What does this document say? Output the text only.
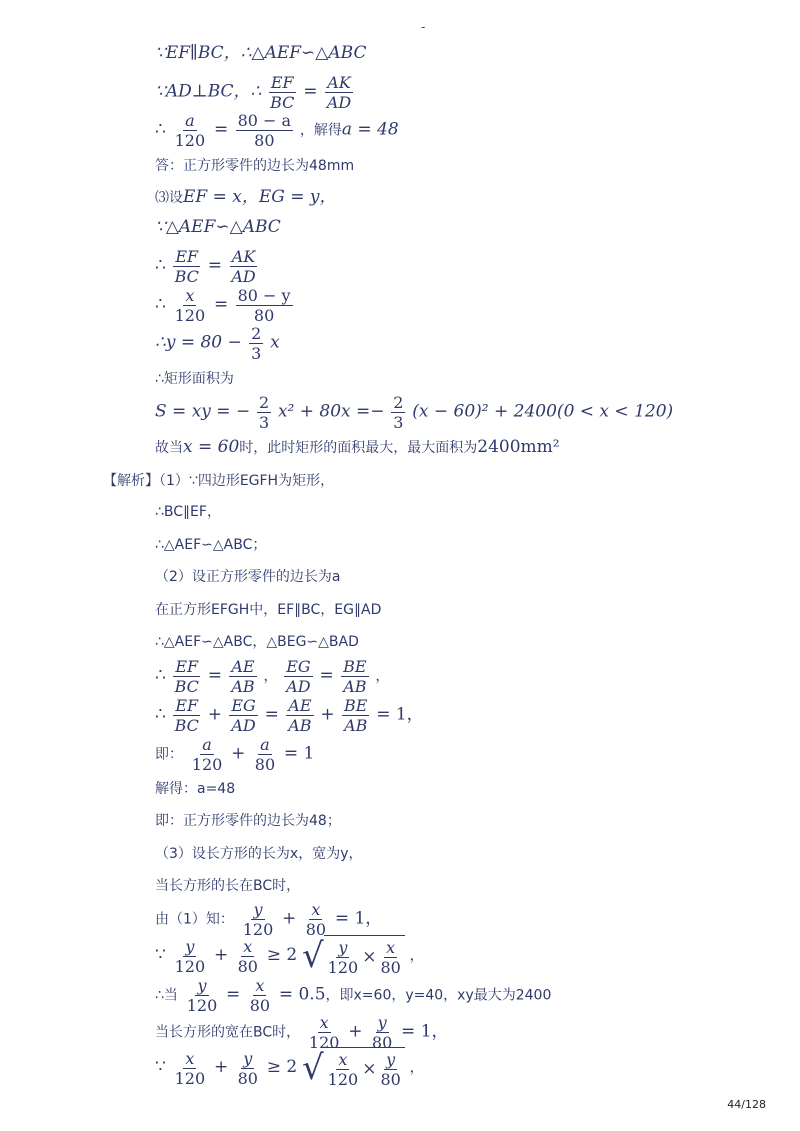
-
∵EF∥BC，∴△AEF∽△ABC
∵AD⊥BC，∴ $\frac{EF}{BC} = \frac{AK}{AD}$
∴ $\frac{a}{120} = \frac{80 - a}{80}$ ，解得a = 48
答：正方形零件的边长为48mm
⑶设EF = x，EG = y，
∵△AEF∽△ABC
∴ $\frac{EF}{BC} = \frac{AK}{AD}$
∴ $\frac{x}{120} = \frac{80 - y}{80}$
∴y = $80 - \frac{2}{3}$ x
∴矩形面积为
S = xy = − $\frac{2}{3} x^2 + 80x =- \frac{2}{3} (x - 60)^2 + 2400(0 < x < 120)$
故当x = 60时，此时矩形的面积最大，最大面积为2400mm²
【解析】（1）∵四边形EGFH为矩形，
∴BC∥EF，
∴△AEF∽△ABC；
（2）设正方形零件的边长为a
在正方形EFGH中，EF∥BC，EG∥AD
∴△AEF∽△ABC，△BEG∽△BAD
∴ $\frac{EF}{BC} = \frac{AE}{AB}$ ， $\frac{EG}{AD} = \frac{BE}{AB}$ ，
∴ $\frac{EF}{BC} + \frac{EG}{AD} = \frac{AE}{AB} + \frac{BE}{AB} = 1$，
即： $\frac{a}{120} + \frac{a}{80} = 1$
解得：a=48
即：正方形零件的边长为48；
（3）设长方形的长为x，宽为y，
当长方形的长在BC时，
由（1）知： $\frac{y}{120} + \frac{x}{80} = 1$，
∵ $\frac{y}{120} + \frac{x}{80} \ge 2$ √ $\frac{y}{120} \times \frac{x}{80}$ ，
∴当 $\frac{y}{120} = \frac{x}{80} = 0.5$，即x=60，y=40，xy最大为2400
当长方形的宽在BC时， $\frac{x}{120} + \frac{y}{80} = 1$，
∵ $\frac{x}{120} + \frac{y}{80} \ge 2$ √ $\frac{x}{120} \times \frac{y}{80}$ ，
44/128
